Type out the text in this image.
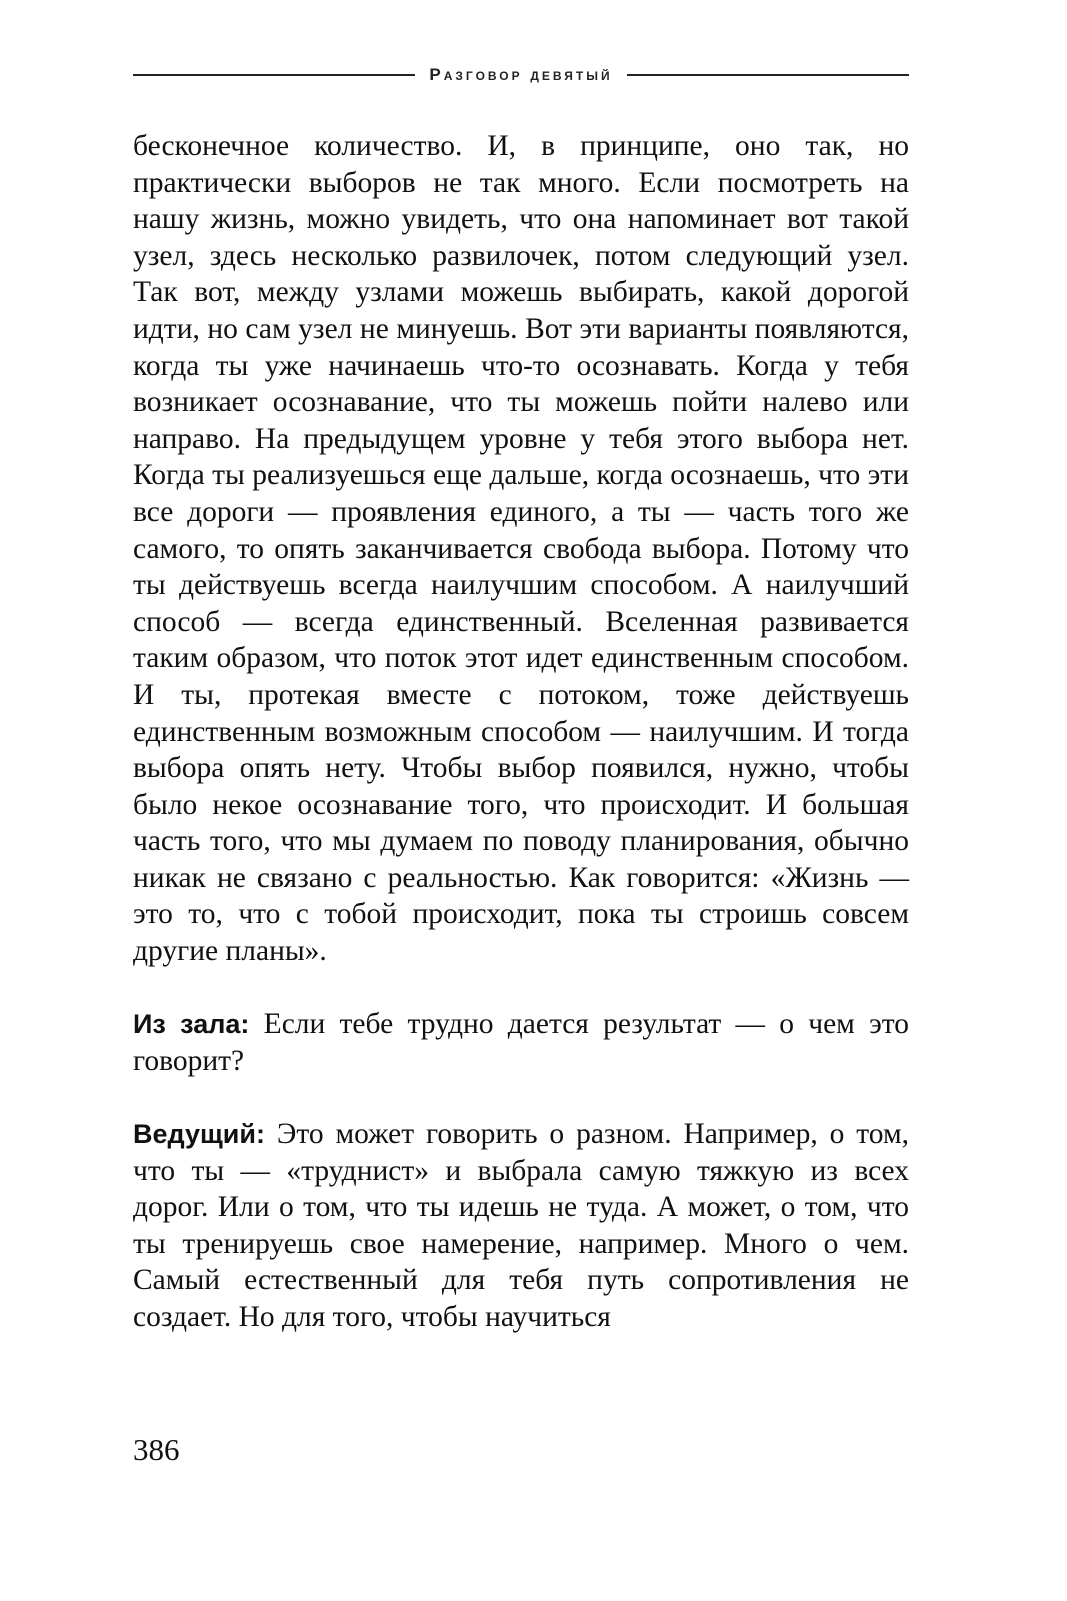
Разговор девятый

бесконечное количество. И, в принципе, оно так, но практически выборов не так много. Если посмотреть на нашу жизнь, можно увидеть, что она напоминает вот такой узел, здесь несколько развилочек, потом следующий узел. Так вот, между узлами можешь выбирать, какой дорогой идти, но сам узел не минуешь. Вот эти варианты появляются, когда ты уже начинаешь что-то осознавать. Когда у тебя возникает осознавание, что ты можешь пойти налево или направо. На предыдущем уровне у тебя этого выбора нет. Когда ты реализуешься еще дальше, когда осознаешь, что эти все дороги — проявления единого, а ты — часть того же самого, то опять заканчивается свобода выбора. Потому что ты действуешь всегда наилучшим способом. А наилучший способ — всегда единственный. Вселенная развивается таким образом, что поток этот идет единственным способом. И ты, протекая вместе с потоком, тоже действуешь единственным возможным способом — наилучшим. И тогда выбора опять нету. Чтобы выбор появился, нужно, чтобы было некое осознавание того, что происходит. И большая часть того, что мы думаем по поводу планирования, обычно никак не связано с реальностью. Как говорится: «Жизнь — это то, что с тобой происходит, пока ты строишь совсем другие планы».

Из зала: Если тебе трудно дается результат — о чем это говорит?

Ведущий: Это может говорить о разном. Например, о том, что ты — «труднист» и выбрала самую тяжкую из всех дорог. Или о том, что ты идешь не туда. А может, о том, что ты тренируешь свое намерение, например. Много о чем. Самый естественный для тебя путь сопротивления не создает. Но для того, чтобы научиться

386
